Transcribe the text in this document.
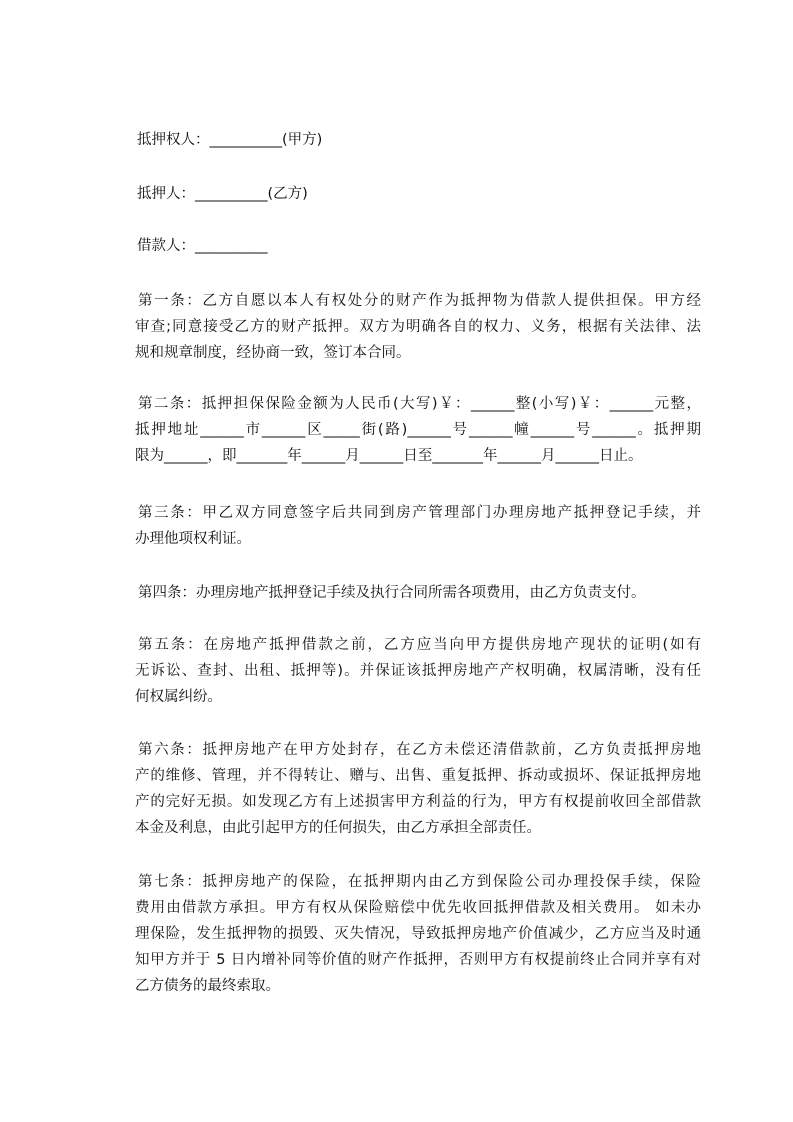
抵押权人：__________(甲方)
抵押人：__________(乙方)
借款人：__________
第一条：乙方自愿以本人有权处分的财产作为抵押物为借款人提供担保。甲方经
审查;同意接受乙方的财产抵押。双方为明确各自的权力、义务，根据有关法律、法
规和规章制度，经协商一致，签订本合同。
第二条：抵押担保保险金额为人民币(大写)￥：______整(小写)￥：______元整，
抵押地址______市______区_____街(路)______号______幢______号______。抵押期
限为______，即_______年______月______日至_______年______月______日止。
第三条：甲乙双方同意签字后共同到房产管理部门办理房地产抵押登记手续，并
办理他项权利证。
第四条：办理房地产抵押登记手续及执行合同所需各项费用，由乙方负责支付。
第五条：在房地产抵押借款之前，乙方应当向甲方提供房地产现状的证明(如有
无诉讼、查封、出租、抵押等)。并保证该抵押房地产产权明确，权属清晰，没有任
何权属纠纷。
第六条：抵押房地产在甲方处封存，在乙方未偿还清借款前，乙方负责抵押房地
产的维修、管理，并不得转让、赠与、出售、重复抵押、拆动或损坏、保证抵押房地
产的完好无损。如发现乙方有上述损害甲方利益的行为，甲方有权提前收回全部借款
本金及利息，由此引起甲方的任何损失，由乙方承担全部责任。
第七条：抵押房地产的保险，在抵押期内由乙方到保险公司办理投保手续，保险
费用由借款方承担。甲方有权从保险赔偿中优先收回抵押借款及相关费用。 如未办
理保险，发生抵押物的损毁、灭失情况，导致抵押房地产价值减少，乙方应当及时通
知甲方并于 5 日内增补同等价值的财产作抵押，否则甲方有权提前终止合同并享有对
乙方债务的最终索取。
